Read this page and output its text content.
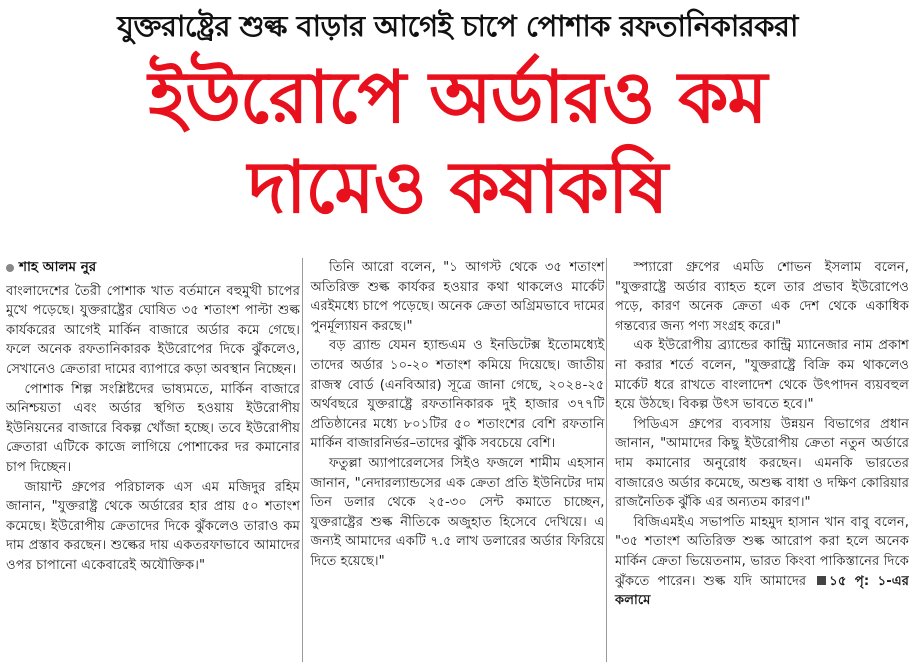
যুক্তরাষ্ট্রের শুল্ক বাড়ার আগেই চাপে পোশাক রফতানিকারকরা
ইউরোপে অর্ডারও কম
দামেও কষাকষি
শাহ আলম নুর

বাংলাদেশের তৈরী পোশাক খাত বর্তমানে বহুমুখী চাপের মুখে পড়েছে। যুক্তরাষ্ট্রের ঘোষিত ৩৫ শতাংশ পাল্টা শুল্ক কার্যকরের আগেই মার্কিন বাজারে অর্ডার কমে গেছে। ফলে অনেক রফতানিকারক ইউরোপের দিকে ঝুঁকলেও, সেখানেও ক্রেতারা দামের ব্যাপারে কড়া অবস্থান নিচ্ছেন।

পোশাক শিল্প সংশ্লিষ্টদের ভাষ্যমতে, মার্কিন বাজারে অনিশ্চয়তা এবং অর্ডার স্থগিত হওয়ায় ইউরোপীয় ইউনিয়নের বাজারে বিকল্প খোঁজা হচ্ছে। তবে ইউরোপীয় ক্রেতারা এটিকে কাজে লাগিয়ে পোশাকের দর কমানোর চাপ দিচ্ছেন।

জায়ান্ট গ্রুপের পরিচালক এস এম মজিদুর রহিম জানান, "যুক্তরাষ্ট্র থেকে অর্ডারের হার প্রায় ৫০ শতাংশ কমেছে। ইউরোপীয় ক্রেতাদের দিকে ঝুঁকলেও তারাও কম দাম প্রস্তাব করছেন। শুল্কের দায় একতরফাভাবে আমাদের ওপর চাপানো একেবারেই অযৌক্তিক।"

তিনি আরো বলেন, "১ আগস্ট থেকে ৩৫ শতাংশ অতিরিক্ত শুল্ক কার্যকর হওয়ার কথা থাকলেও মার্কেট এরইমধ্যে চাপে পড়েছে। অনেক ক্রেতা অগ্রিমভাবে দামের পুনর্মূল্যায়ন করছে।"

বড় ব্র্যান্ড যেমন হ্যান্ডএম ও ইনডিটেক্স ইতোমধ্যেই তাদের অর্ডার ১০-২০ শতাংশ কমিয়ে দিয়েছে। জাতীয় রাজস্ব বোর্ড (এনবিআর) সূত্রে জানা গেছে, ২০২৪-২৫ অর্থবছরে যুক্তরাষ্ট্রে রফতানিকারক দুই হাজার ৩৭৭টি প্রতিষ্ঠানের মধ্যে ৮০১টির ৫০ শতাংশের বেশি রফতানি মার্কিন বাজারনির্ভর–তাদের ঝুঁকি সবচেয়ে বেশি।

ফতুল্লা অ্যাপারেলসের সিইও ফজলে শামীম এহসান জানান, "নেদারল্যান্ডসের এক ক্রেতা প্রতি ইউনিটের দাম তিন ডলার থেকে ২৫-৩০ সেন্ট কমাতে চাচ্ছেন, যুক্তরাষ্ট্রের শুল্ক নীতিকে অজুহাত হিসেবে দেখিয়ে। এ জন্যই আমাদের একটি ৭.৫ লাখ ডলারের অর্ডার ফিরিয়ে দিতে হয়েছে।"

স্প্যারো গ্রুপের এমডি শোভন ইসলাম বলেন, "যুক্তরাষ্ট্রে অর্ডার ব্যাহত হলে তার প্রভাব ইউরোপেও পড়ে, কারণ অনেক ক্রেতা এক দেশ থেকে একাধিক গন্তব্যের জন্য পণ্য সংগ্রহ করে।"

এক ইউরোপীয় ব্র্যান্ডের কান্ট্রি ম্যানেজার নাম প্রকাশ না করার শর্তে বলেন, "যুক্তরাষ্ট্রে বিক্রি কম থাকলেও মার্কেট ধরে রাখতে বাংলাদেশ থেকে উৎপাদন ব্যয়বহুল হয়ে উঠছে। বিকল্প উৎস ভাবতে হবে।"

পিডিএস গ্রুপের ব্যবসায় উন্নয়ন বিভাগের প্রধান জানান, "আমাদের কিছু ইউরোপীয় ক্রেতা নতুন অর্ডারে দাম কমানোর অনুরোধ করছেন। এমনকি ভারতের বাজারেও অর্ডার কমেছে, অশুল্ক বাধা ও দক্ষিণ কোরিয়ার রাজনৈতিক ঝুঁকি এর অন্যতম কারণ।"

বিজিএমইএ সভাপতি মাহমুদ হাসান খান বাবু বলেন, "৩৫ শতাংশ অতিরিক্ত শুল্ক আরোপ করা হলে অনেক মার্কিন ক্রেতা ভিয়েতনাম, ভারত কিংবা পাকিস্তানের দিকে ঝুঁকতে পারেন। শুল্ক যদি আমাদের ১৫ পৃ: ১-এর কলামে
